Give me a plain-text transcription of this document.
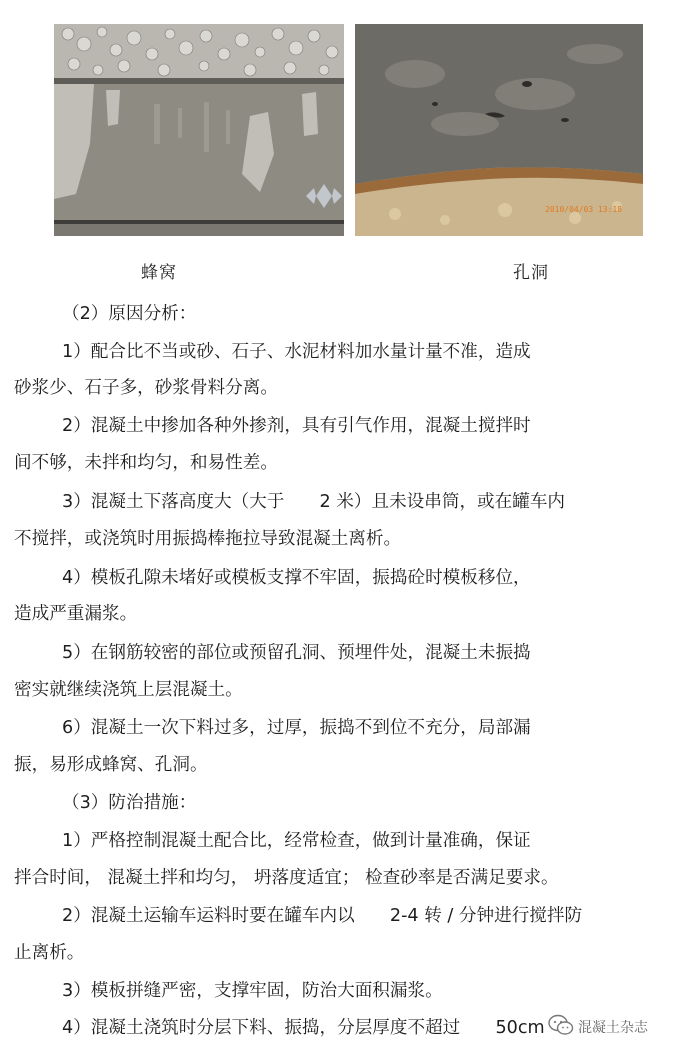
2010/04/03 13:18
蜂窝	孔洞
（2）原因分析：
1）配合比不当或砂、石子、水泥材料加水量计量不准，造成
砂浆少、石子多，砂浆骨料分离。
2）混凝土中掺加各种外掺剂，具有引气作用，混凝土搅拌时
间不够，未拌和均匀，和易性差。
3）混凝土下落高度大（大于　　2 米）且未设串筒，或在罐车内
不搅拌，或浇筑时用振捣棒拖拉导致混凝土离析。
4）模板孔隙未堵好或模板支撑不牢固，振捣砼时模板移位，
造成严重漏浆。
5）在钢筋较密的部位或预留孔洞、预埋件处，混凝土未振捣
密实就继续浇筑上层混凝土。
6）混凝土一次下料过多，过厚，振捣不到位不充分，局部漏
振，易形成蜂窝、孔洞。
（3）防治措施：
1）严格控制混凝土配合比，经常检查，做到计量准确，保证
拌合时间， 混凝土拌和均匀， 坍落度适宜； 检查砂率是否满足要求。
2）混凝土运输车运料时要在罐车内以　　2-4 转 / 分钟进行搅拌防
止离析。
3）模板拼缝严密，支撑牢固，防治大面积漏浆。
4）混凝土浇筑时分层下料、振捣，分层厚度不超过　　50cm 混凝土杂志
